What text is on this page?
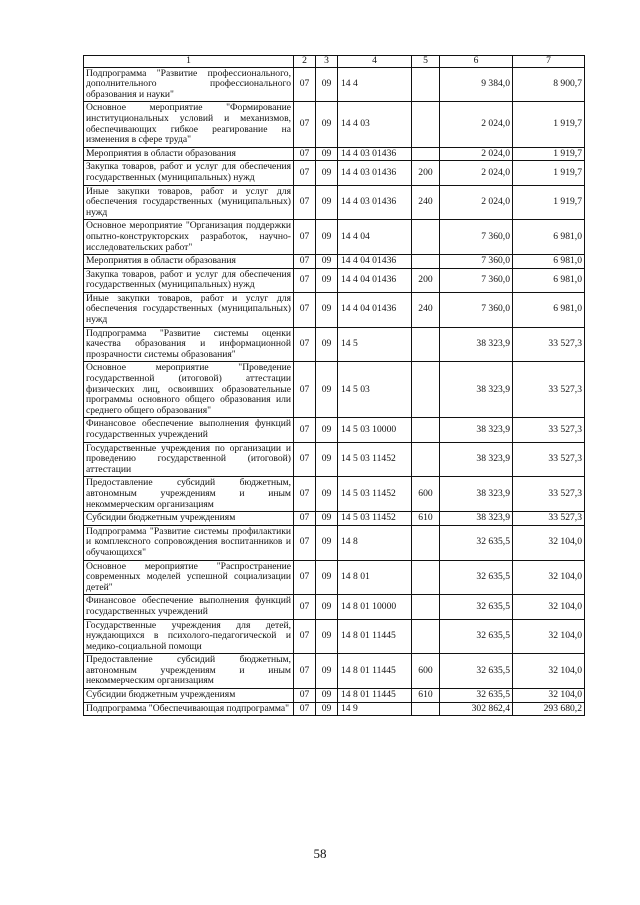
1	2	3	4	5	6	7
Подпрограмма "Развитие профессионального, дополнительного профессионального образования и науки"	07	09	14 4		9 384,0	8 900,7
Основное мероприятие "Формирование институциональных условий и механизмов, обеспечивающих гибкое реагирование на изменения в сфере труда"	07	09	14 4 03		2 024,0	1 919,7
Мероприятия в области образования	07	09	14 4 03 01436		2 024,0	1 919,7
Закупка товаров, работ и услуг для обеспечения государственных (муниципальных) нужд	07	09	14 4 03 01436	200	2 024,0	1 919,7
Иные закупки товаров, работ и услуг для обеспечения государственных (муниципальных) нужд	07	09	14 4 03 01436	240	2 024,0	1 919,7
Основное мероприятие "Организация поддержки опытно-конструкторских разработок, научно-исследовательских работ"	07	09	14 4 04		7 360,0	6 981,0
Мероприятия в области образования	07	09	14 4 04 01436		7 360,0	6 981,0
Закупка товаров, работ и услуг для обеспечения государственных (муниципальных) нужд	07	09	14 4 04 01436	200	7 360,0	6 981,0
Иные закупки товаров, работ и услуг для обеспечения государственных (муниципальных) нужд	07	09	14 4 04 01436	240	7 360,0	6 981,0
Подпрограмма "Развитие системы оценки качества образования и информационной прозрачности системы образования"	07	09	14 5		38 323,9	33 527,3
Основное мероприятие "Проведение государственной (итоговой) аттестации физических лиц, освоивших образовательные программы основного общего образования или среднего общего образования"	07	09	14 5 03		38 323,9	33 527,3
Финансовое обеспечение выполнения функций государственных учреждений	07	09	14 5 03 10000		38 323,9	33 527,3
Государственные учреждения по организации и проведению государственной (итоговой) аттестации	07	09	14 5 03 11452		38 323,9	33 527,3
Предоставление субсидий бюджетным, автономным учреждениям и иным некоммерческим организациям	07	09	14 5 03 11452	600	38 323,9	33 527,3
Субсидии бюджетным учреждениям	07	09	14 5 03 11452	610	38 323,9	33 527,3
Подпрограмма "Развитие системы профилактики и комплексного сопровождения воспитанников и обучающихся"	07	09	14 8		32 635,5	32 104,0
Основное мероприятие "Распространение современных моделей успешной социализации детей"	07	09	14 8 01		32 635,5	32 104,0
Финансовое обеспечение выполнения функций государственных учреждений	07	09	14 8 01 10000		32 635,5	32 104,0
Государственные учреждения для детей, нуждающихся в психолого-педагогической и медико-социальной помощи	07	09	14 8 01 11445		32 635,5	32 104,0
Предоставление субсидий бюджетным, автономным учреждениям и иным некоммерческим организациям	07	09	14 8 01 11445	600	32 635,5	32 104,0
Субсидии бюджетным учреждениям	07	09	14 8 01 11445	610	32 635,5	32 104,0
Подпрограмма "Обеспечивающая подпрограмма"	07	09	14 9		302 862,4	293 680,2
58
